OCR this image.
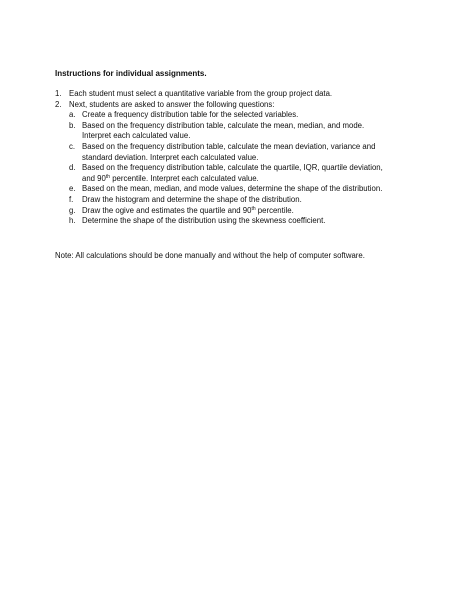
Instructions for individual assignments.
1. Each student must select a quantitative variable from the group project data.
2. Next, students are asked to answer the following questions:
a. Create a frequency distribution table for the selected variables.
b. Based on the frequency distribution table, calculate the mean, median, and mode.
Interpret each calculated value.
c. Based on the frequency distribution table, calculate the mean deviation, variance and
standard deviation. Interpret each calculated value.
d. Based on the frequency distribution table, calculate the quartile, IQR, quartile deviation,
and 90th percentile. Interpret each calculated value.
e. Based on the mean, median, and mode values, determine the shape of the distribution.
f.	Draw the histogram and determine the shape of the distribution.
g. Draw the ogive and estimates the quartile and 90th percentile.
h. Determine the shape of the distribution using the skewness coefficient.
Note: All calculations should be done manually and without the help of computer software.
